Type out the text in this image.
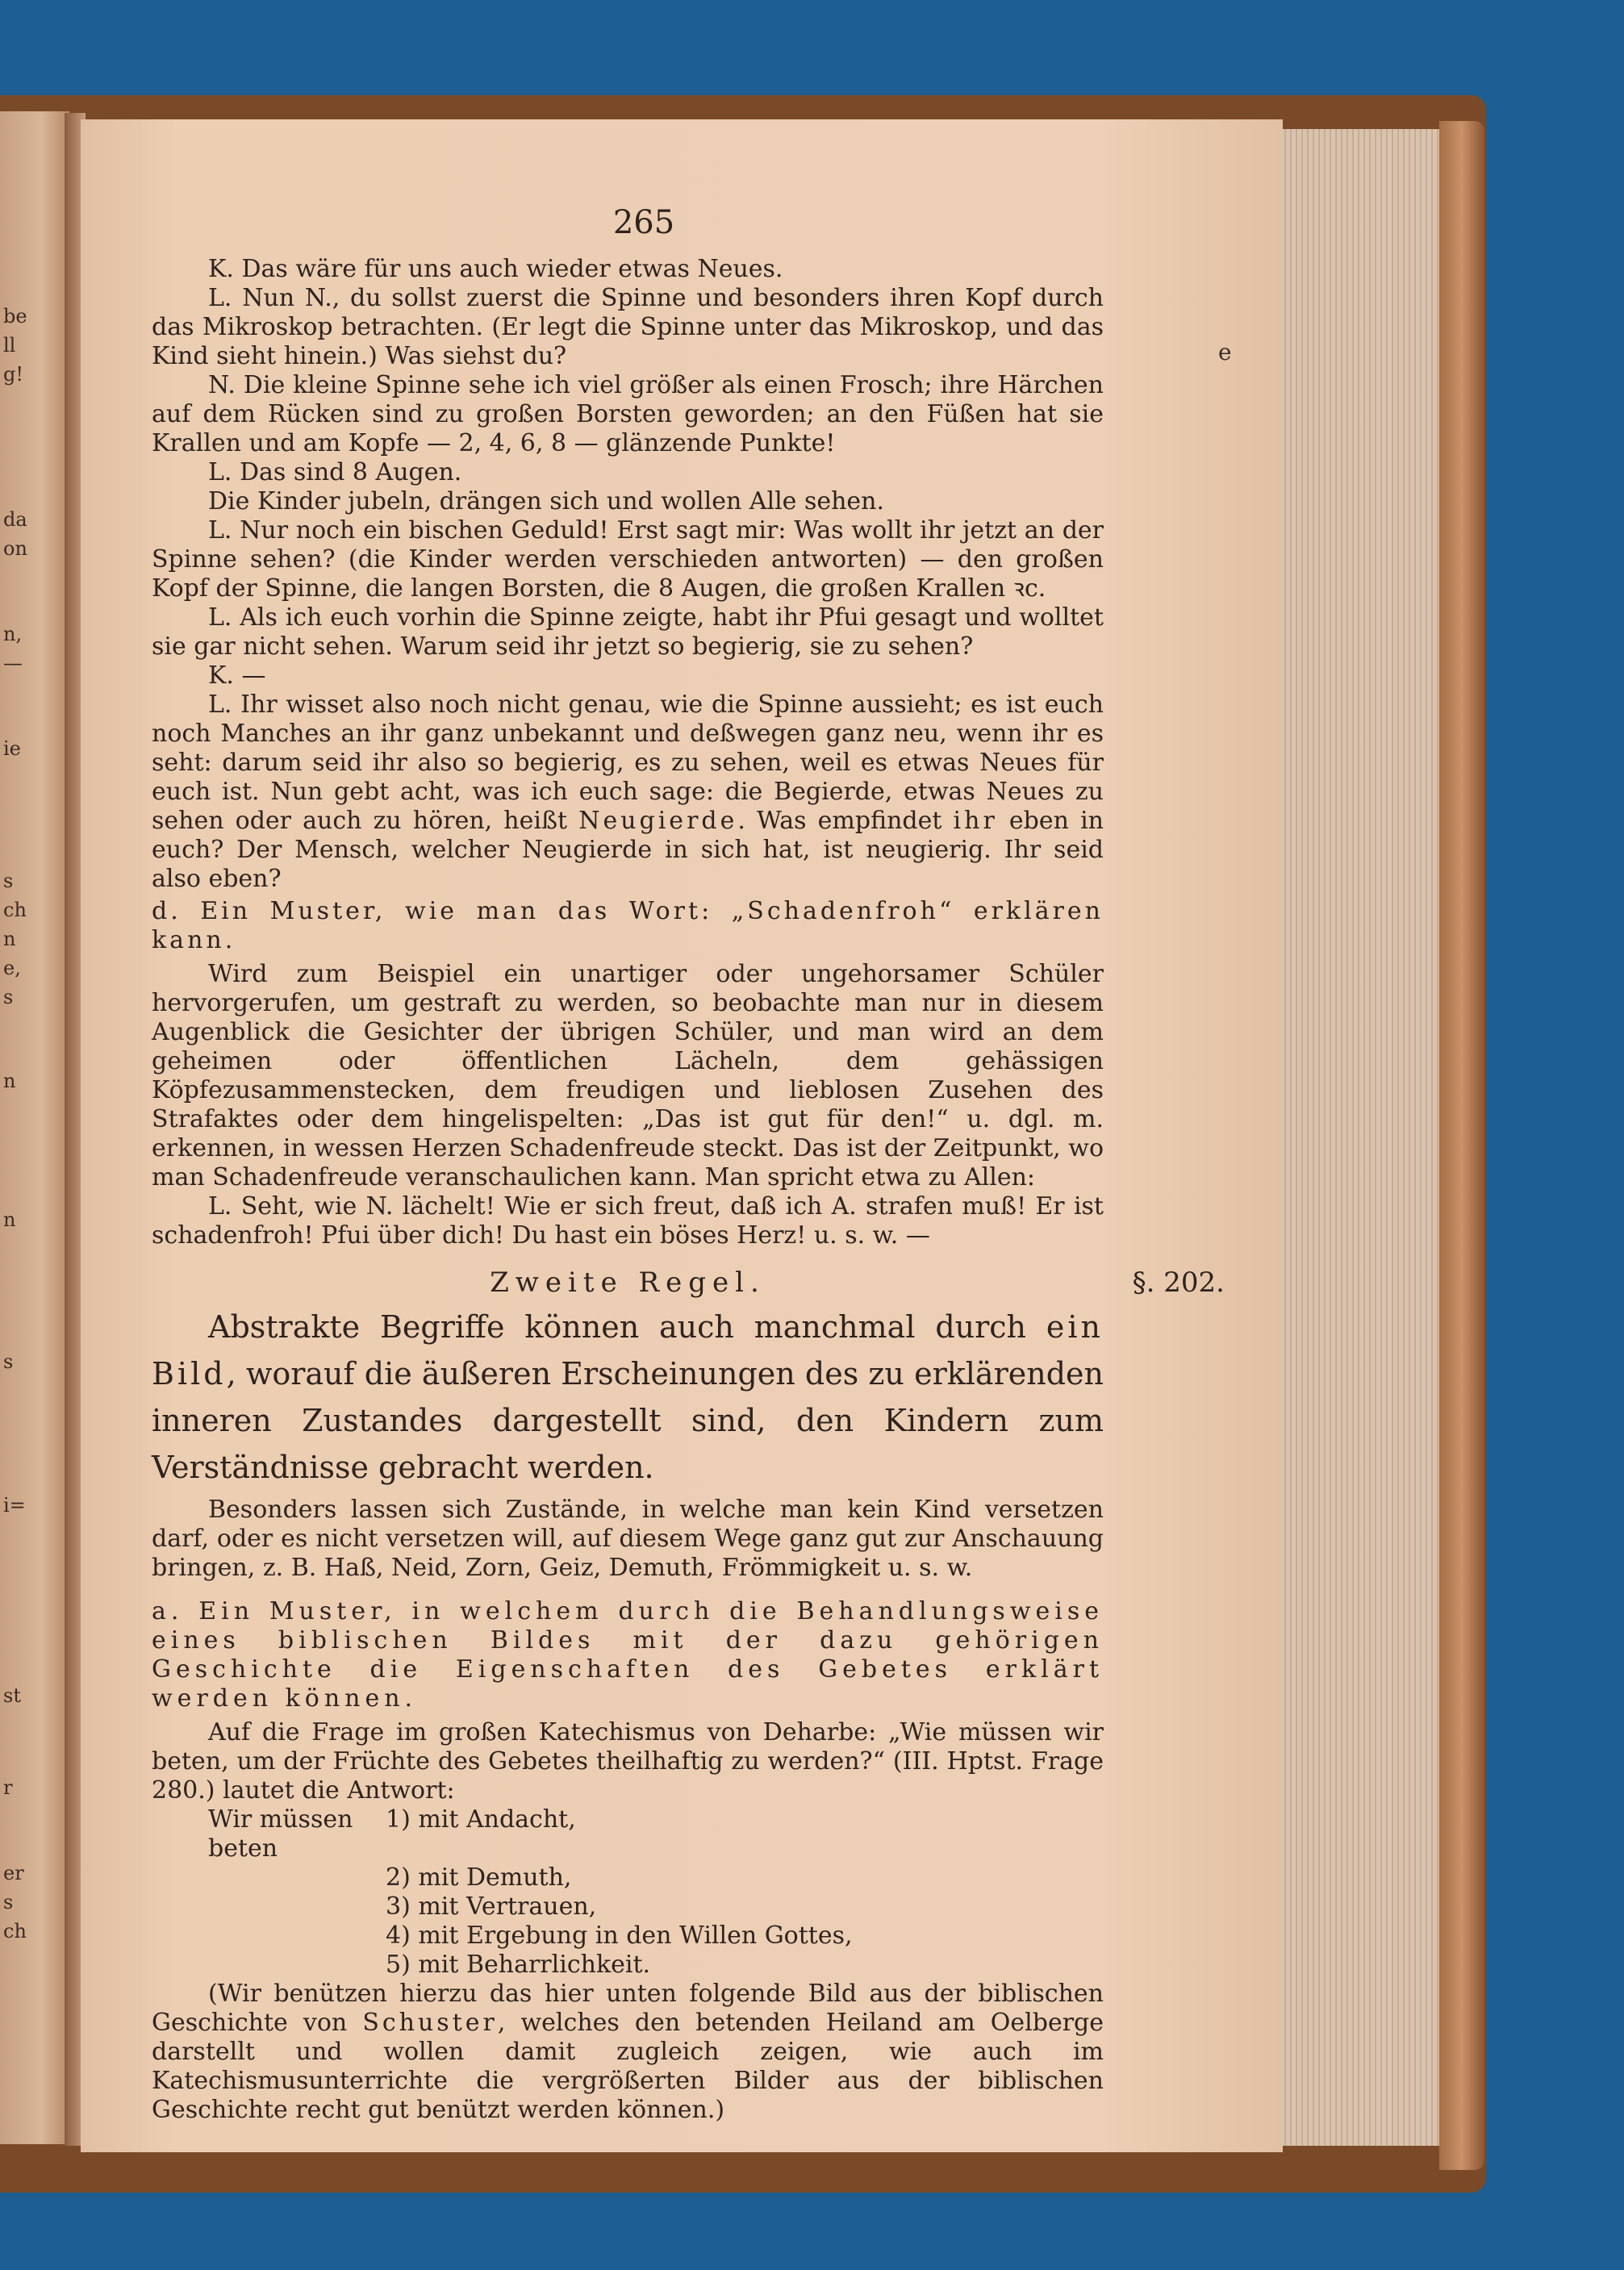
be
ll
g!
da
on
n,
—
ie
s
ch
n
e,
s
n
n
s
i=
st
r
er
s
ch
e
265

K. Das wäre für uns auch wieder etwas Neues.

L. Nun N., du sollst zuerst die Spinne und besonders ihren Kopf durch das Mikroskop betrachten. (Er legt die Spinne unter das Mikroskop, und das Kind sieht hinein.) Was siehst du?

N. Die kleine Spinne sehe ich viel größer als einen Frosch; ihre Härchen auf dem Rücken sind zu großen Borsten geworden; an den Füßen hat sie Krallen und am Kopfe — 2, 4, 6, 8 — glänzende Punkte!

L. Das sind 8 Augen.

Die Kinder jubeln, drängen sich und wollen Alle sehen.

L. Nur noch ein bischen Geduld! Erst sagt mir: Was wollt ihr jetzt an der Spinne sehen? (die Kinder werden verschieden antworten) — den großen Kopf der Spinne, die langen Borsten, die 8 Augen, die großen Krallen ꝛc.

L. Als ich euch vorhin die Spinne zeigte, habt ihr Pfui gesagt und wolltet sie gar nicht sehen. Warum seid ihr jetzt so begierig, sie zu sehen?

K. —

L. Ihr wisset also noch nicht genau, wie die Spinne aussieht; es ist euch noch Manches an ihr ganz unbekannt und deßwegen ganz neu, wenn ihr es seht: darum seid ihr also so begierig, es zu sehen, weil es etwas Neues für euch ist. Nun gebt acht, was ich euch sage: die Begierde, etwas Neues zu sehen oder auch zu hören, heißt Neugierde. Was empfindet ihr eben in euch? Der Mensch, welcher Neugierde in sich hat, ist neugierig. Ihr seid also eben?

d. Ein Muster, wie man das Wort: „Schadenfroh“ erklären kann.

Wird zum Beispiel ein unartiger oder ungehorsamer Schüler hervorgerufen, um gestraft zu werden, so beobachte man nur in diesem Augenblick die Gesichter der übrigen Schüler, und man wird an dem geheimen oder öffentlichen Lächeln, dem gehässigen Köpfezusammenstecken, dem freudigen und lieblosen Zusehen des Strafaktes oder dem hingelispelten: „Das ist gut für den!“ u. dgl. m. erkennen, in wessen Herzen Schadenfreude steckt. Das ist der Zeitpunkt, wo man Schadenfreude veranschaulichen kann. Man spricht etwa zu Allen:

L. Seht, wie N. lächelt! Wie er sich freut, daß ich A. strafen muß! Er ist schadenfroh! Pfui über dich! Du hast ein böses Herz! u. s. w. —

Zweite Regel.	§. 202.

Abstrakte Begriffe können auch manchmal durch ein Bild, worauf die äußeren Erscheinungen des zu erklärenden inneren Zustandes dargestellt sind, den Kindern zum Verständnisse gebracht werden.

Besonders lassen sich Zustände, in welche man kein Kind versetzen darf, oder es nicht versetzen will, auf diesem Wege ganz gut zur Anschauung bringen, z. B. Haß, Neid, Zorn, Geiz, Demuth, Frömmigkeit u. s. w.

a. Ein Muster, in welchem durch die Behandlungsweise eines biblischen Bildes mit der dazu gehörigen Geschichte die Eigenschaften des Gebetes erklärt werden können.

Auf die Frage im großen Katechismus von Deharbe: „Wie müssen wir beten, um der Früchte des Gebetes theilhaftig zu werden?“ (III. Hptst. Frage 280.) lautet die Antwort:

Wir müssen beten
1) mit Andacht,
2) mit Demuth,
3) mit Vertrauen,
4) mit Ergebung in den Willen Gottes,
5) mit Beharrlichkeit.

(Wir benützen hierzu das hier unten folgende Bild aus der biblischen Geschichte von Schuster, welches den betenden Heiland am Oelberge darstellt und wollen damit zugleich zeigen, wie auch im Katechismusunterrichte die vergrößerten Bilder aus der biblischen Geschichte recht gut benützt werden können.)
